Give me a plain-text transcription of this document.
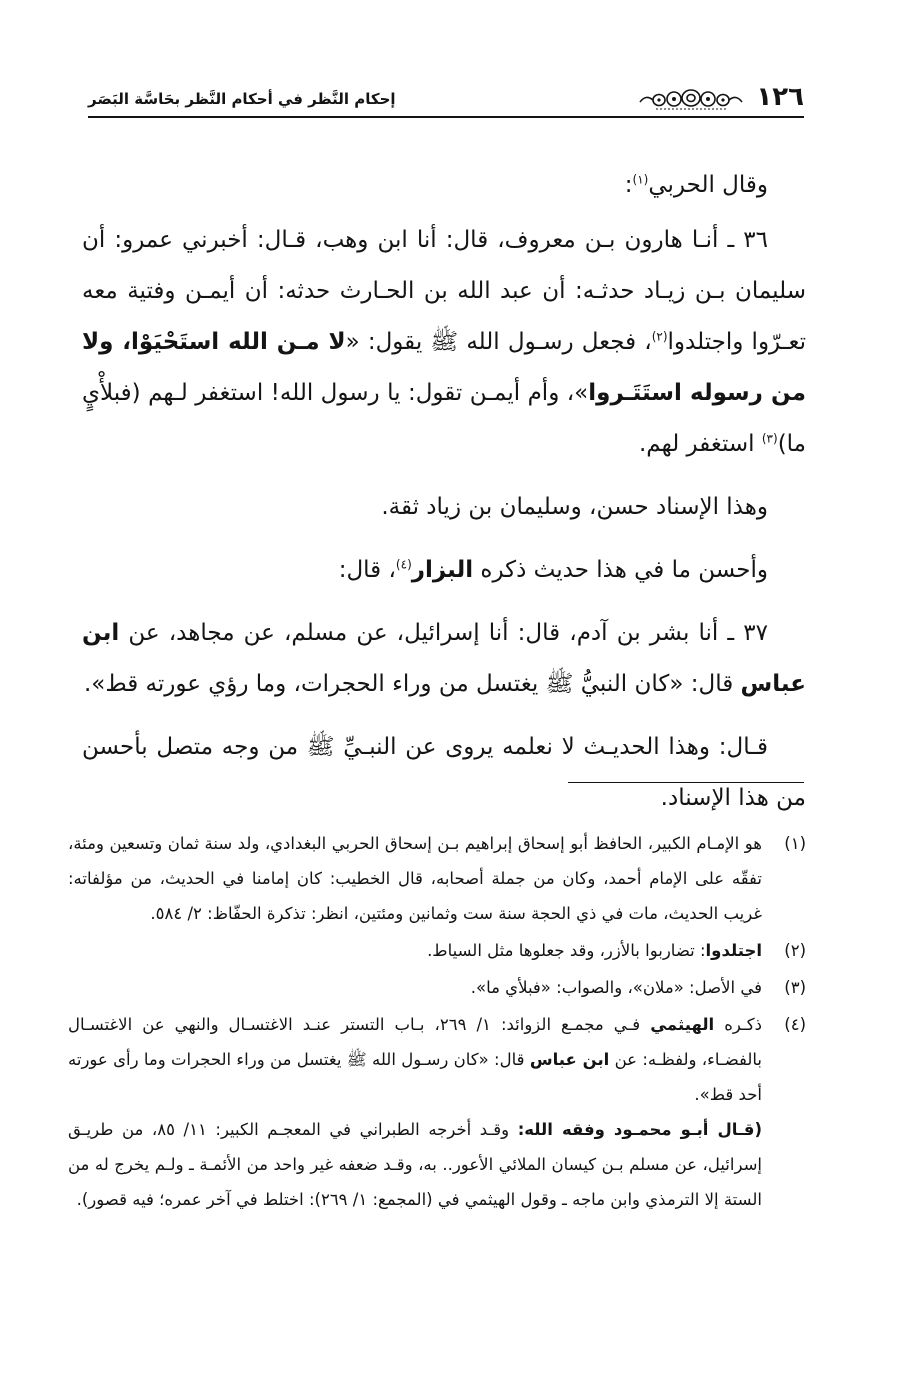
١٢٦
إحكام النَّظر في أحكام النَّظر بحَاسَّة البَصَر

وقال الحربي$^{(١)}$:

٣٦ ـ أنـا هارون بـن معروف، قال: أنا ابن وهب، قـال: أخبرني عمرو: أن سليمان بـن زيـاد حدثـه: أن عبد الله بن الحـارث حدثه: أن أيمـن وفتية معه تعـرّوا واجتلدوا$^{(٢)}$، فجعل رسـول الله ﷺ يقول: «لا مـن الله استَحْيَوْا، ولا من رسوله استَتَـروا»، وأم أيمـن تقول: يا رسول الله! استغفر لـهم (فبلأْيٍ ما)$^{(٣)}$ استغفر لهم.

وهذا الإسناد حسن، وسليمان بن زياد ثقة.

وأحسن ما في هذا حديث ذكره البزار$^{(٤)}$، قال:

٣٧ ـ أنا بشر بن آدم، قال: أنا إسرائيل، عن مسلم، عن مجاهد، عن ابن عباس قال: «كان النبيُّ ﷺ يغتسل من وراء الحجرات، وما رؤي عورته قط».

قـال: وهذا الحديـث لا نعلمه يروى عن النبـيِّ ﷺ من وجه متصل بأحسن من هذا الإسناد.

(١)

هو الإمـام الكبير، الحافظ أبو إسحاق إبراهيم بـن إسحاق الحربي البغدادي، ولد سنة ثمان وتسعين ومئة، تفقّه على الإمام أحمد، وكان من جملة أصحابه، قال الخطيب: كان إمامنا في الحديث، من مؤلفاته: غريب الحديث، مات في ذي الحجة سنة ست وثمانين ومئتين، انظر: تذكرة الحفّاظ: ٢/ ٥٨٤.

(٢)

اجتلدوا: تضاربوا بالأزر، وقد جعلوها مثل السياط.

(٣)

في الأصل: «ملان»، والصواب: «فبلأي ما».

(٤)

ذكـره الهيثمي فـي مجمـع الزوائد: ١/ ٢٦٩، بـاب التستر عنـد الاغتسـال والنهي عن الاغتسـال بالفضـاء، ولفظـه: عن ابن عباس قال: «كان رسـول الله ﷺ يغتسل من وراء الحجرات وما رأى عورته أحد قط».

(قـال أبـو محمـود وفقه الله: وقـد أخرجه الطبراني في المعجـم الكبير: ١١/ ٨٥، من طريـق إسرائيل، عن مسلم بـن كيسان الملائي الأعور.. به، وقـد ضعفه غير واحد من الأئمـة ـ ولـم يخرج له من الستة إلا الترمذي وابن ماجه ـ وقول الهيثمي في (المجمع: ١/ ٢٦٩): اختلط في آخر عمره؛ فيه قصور).
